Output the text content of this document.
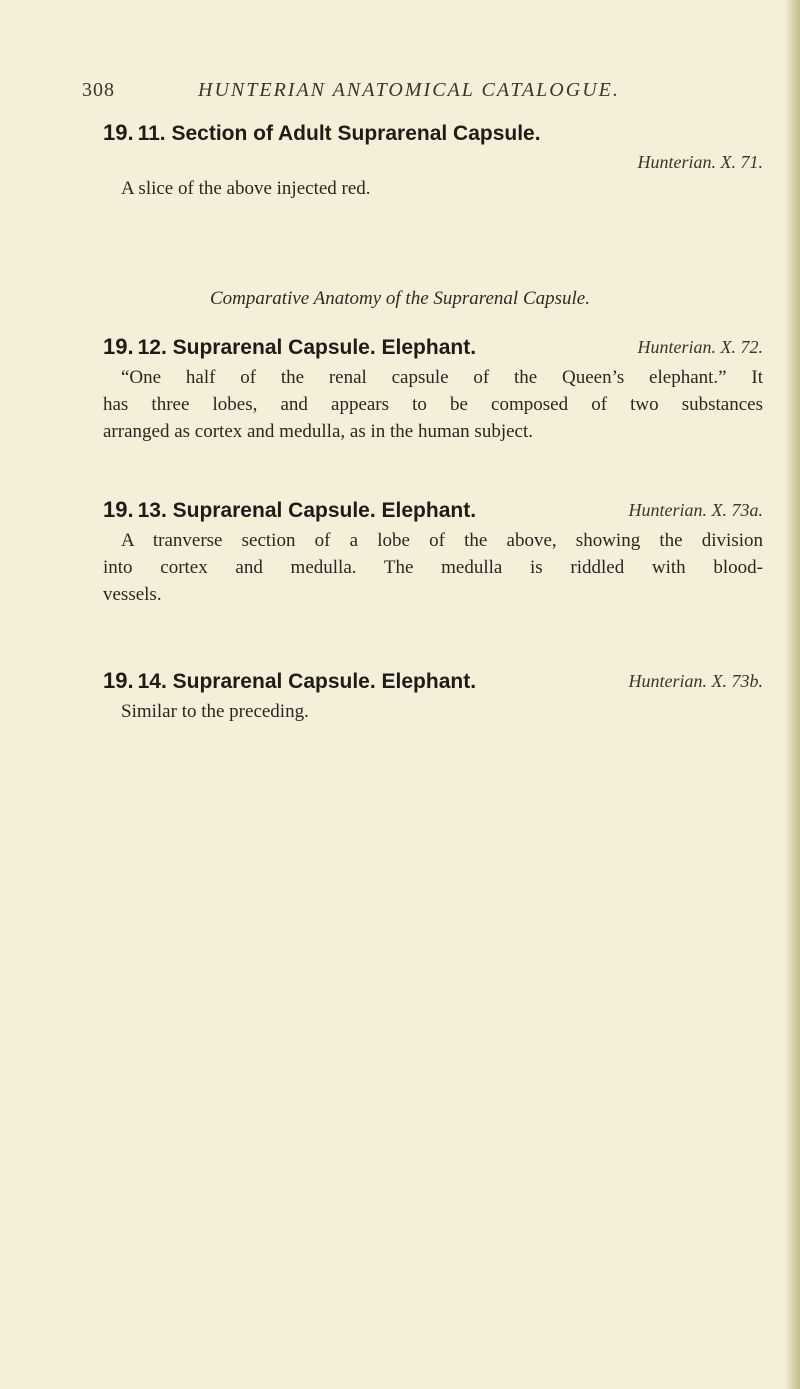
308	HUNTERIAN ANATOMICAL CATALOGUE.
19. 11. Section of Adult Suprarenal Capsule.
Hunterian. X. 71.
A slice of the above injected red.
Comparative Anatomy of the Suprarenal Capsule.
19. 12. Suprarenal Capsule. Elephant.	Hunterian. X. 72.
“One half of the renal capsule of the Queen’s elephant.” It
has three lobes, and appears to be composed of two substances
arranged as cortex and medulla, as in the human subject.
19. 13. Suprarenal Capsule. Elephant.	Hunterian. X. 73a.
A tranverse section of a lobe of the above, showing the division
into cortex and medulla. The medulla is riddled with blood-
vessels.
19. 14. Suprarenal Capsule. Elephant.	Hunterian. X. 73b.
Similar to the preceding.
